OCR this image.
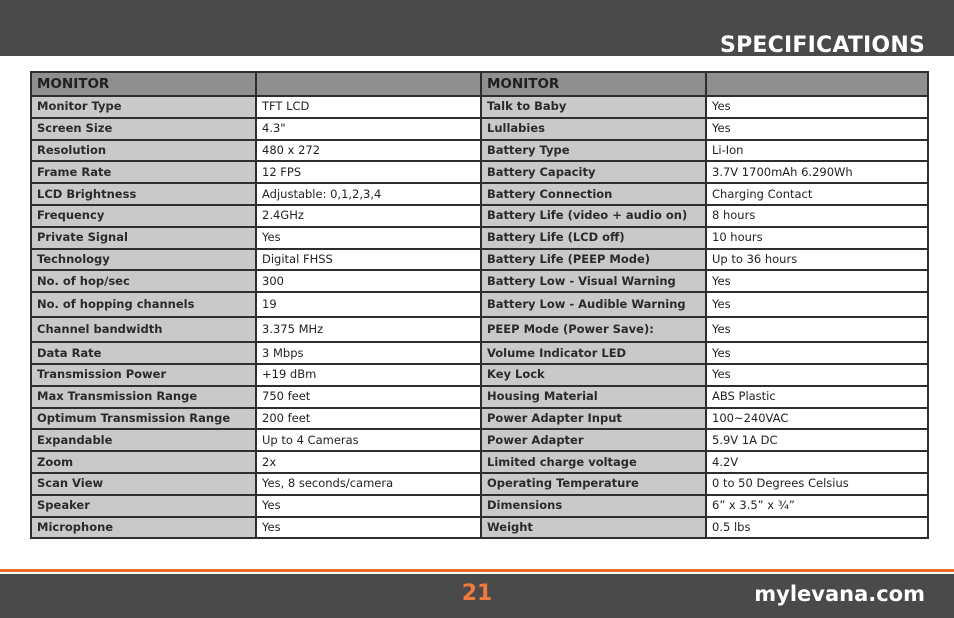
SPECIFICATIONS
MONITOR		MONITOR	
Monitor Type	TFT LCD	Talk to Baby	Yes
Screen Size	4.3"	Lullabies	Yes
Resolution	480 x 272	Battery Type	Li-Ion
Frame Rate	12 FPS	Battery Capacity	3.7V 1700mAh 6.290Wh
LCD Brightness	Adjustable: 0,1,2,3,4	Battery Connection	Charging Contact
Frequency	2.4GHz	Battery Life (video + audio on)	8 hours
Private Signal	Yes	Battery Life (LCD off)	10 hours
Technology	Digital FHSS	Battery Life (PEEP Mode)	Up to 36 hours
No. of hop/sec	300	Battery Low - Visual Warning	Yes
No. of hopping channels	19	Battery Low - Audible Warning	Yes
Channel bandwidth	3.375 MHz	PEEP Mode (Power Save):	Yes
Data Rate	3 Mbps	Volume Indicator LED	Yes
Transmission Power	+19 dBm	Key Lock	Yes
Max Transmission Range	750 feet	Housing Material	ABS Plastic
Optimum Transmission Range	200 feet	Power Adapter Input	100~240VAC
Expandable	Up to 4 Cameras	Power Adapter	5.9V 1A DC
Zoom	2x	Limited charge voltage	4.2V
Scan View	Yes, 8 seconds/camera	Operating Temperature	0 to 50 Degrees Celsius
Speaker	Yes	Dimensions	6” x 3.5” x ¾”
Microphone	Yes	Weight	0.5 lbs
21	mylevana.com
